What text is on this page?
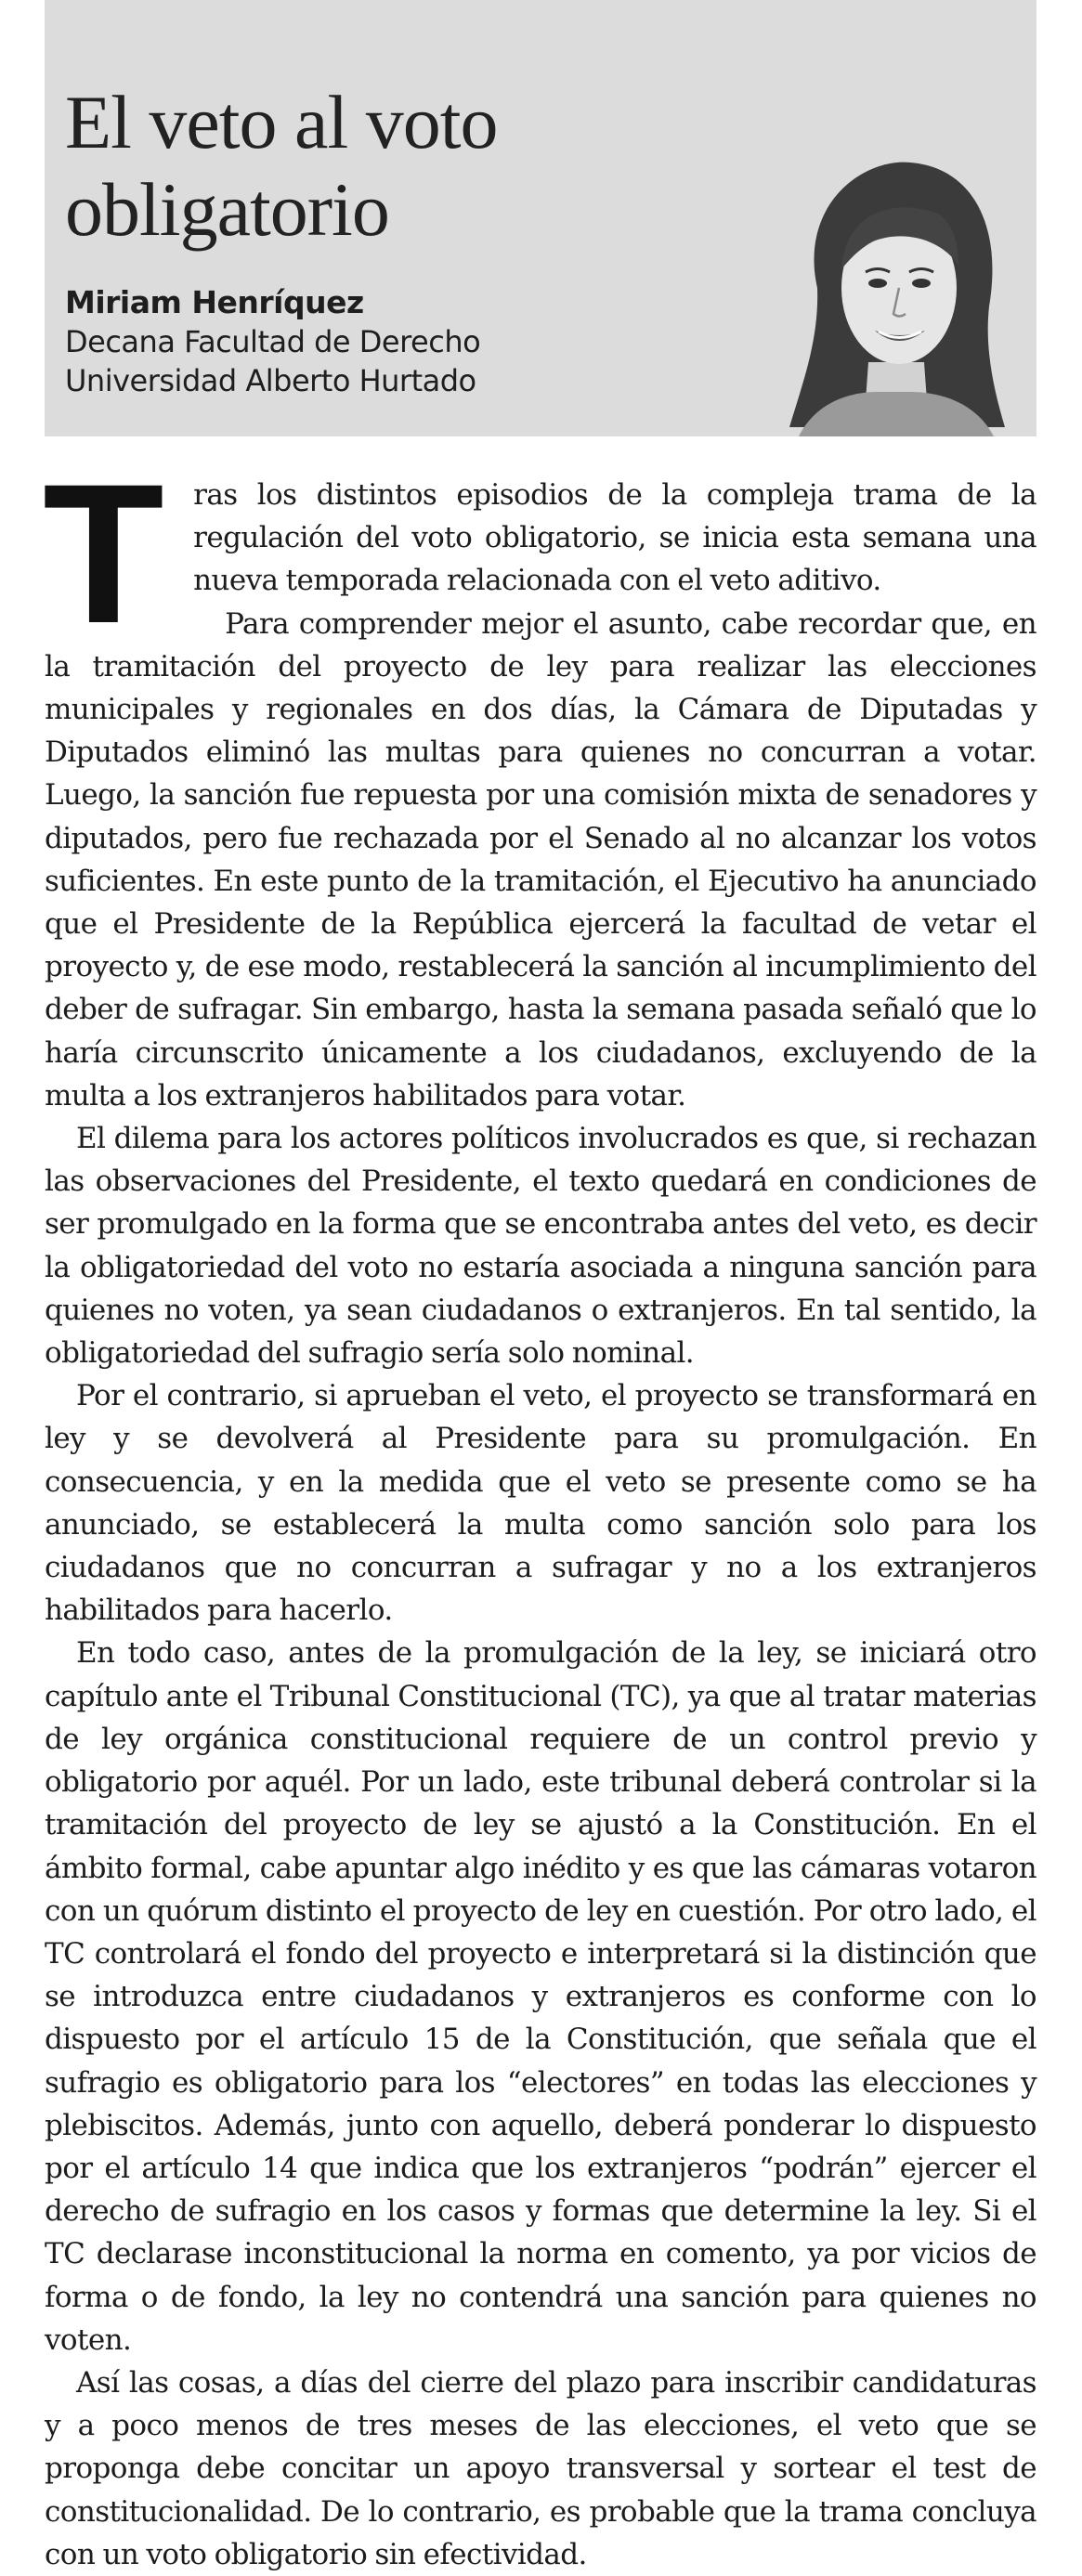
El veto al voto obligatorio
Miriam Henríquez
Decana Facultad de Derecho
Universidad Alberto Hurtado

T ras los distintos episodios de la compleja trama de la regulación del voto obligatorio, se inicia esta semana una nueva temporada relacionada con el veto aditivo.

Para comprender mejor el asunto, cabe recordar que, en la tramitación del proyecto de ley para realizar las elecciones municipales y regionales en dos días, la Cámara de Diputadas y Diputados eliminó las multas para quienes no concurran a votar. Luego, la sanción fue repuesta por una comisión mixta de senadores y diputados, pero fue rechazada por el Senado al no alcanzar los votos suficientes. En este punto de la tramitación, el Ejecutivo ha anunciado que el Presidente de la República ejercerá la facultad de vetar el proyecto y, de ese modo, restablecerá la sanción al incumplimiento del deber de sufragar. Sin embargo, hasta la semana pasada señaló que lo haría circunscrito únicamente a los ciudadanos, excluyendo de la multa a los extranjeros habilitados para votar.

El dilema para los actores políticos involucrados es que, si rechazan las observaciones del Presidente, el texto quedará en condiciones de ser promulgado en la forma que se encontraba antes del veto, es decir la obligatoriedad del voto no estaría asociada a ninguna sanción para quienes no voten, ya sean ciudadanos o extranjeros. En tal sentido, la obligatoriedad del sufragio sería solo nominal.

Por el contrario, si aprueban el veto, el proyecto se transformará en ley y se devolverá al Presidente para su promulgación. En consecuencia, y en la medida que el veto se presente como se ha anunciado, se establecerá la multa como sanción solo para los ciudadanos que no concurran a sufragar y no a los extranjeros habilitados para hacerlo.

En todo caso, antes de la promulgación de la ley, se iniciará otro capítulo ante el Tribunal Constitucional (TC), ya que al tratar materias de ley orgánica constitucional requiere de un control previo y obligatorio por aquél. Por un lado, este tribunal deberá controlar si la tramitación del proyecto de ley se ajustó a la Constitución. En el ámbito formal, cabe apuntar algo inédito y es que las cámaras votaron con un quórum distinto el proyecto de ley en cuestión. Por otro lado, el TC controlará el fondo del proyecto e interpretará si la distinción que se introduzca entre ciudadanos y extranjeros es conforme con lo dispuesto por el artículo 15 de la Constitución, que señala que el sufragio es obligatorio para los “electores” en todas las elecciones y plebiscitos. Además, junto con aquello, deberá ponderar lo dispuesto por el artículo 14 que indica que los extranjeros “podrán” ejercer el derecho de sufragio en los casos y formas que determine la ley. Si el TC declarase inconstitucional la norma en comento, ya por vicios de forma o de fondo, la ley no contendrá una sanción para quienes no voten.

Así las cosas, a días del cierre del plazo para inscribir candidaturas y a poco menos de tres meses de las elecciones, el veto que se proponga debe concitar un apoyo transversal y sortear el test de constitucionalidad. De lo contrario, es probable que la trama concluya con un voto obligatorio sin efectividad.
